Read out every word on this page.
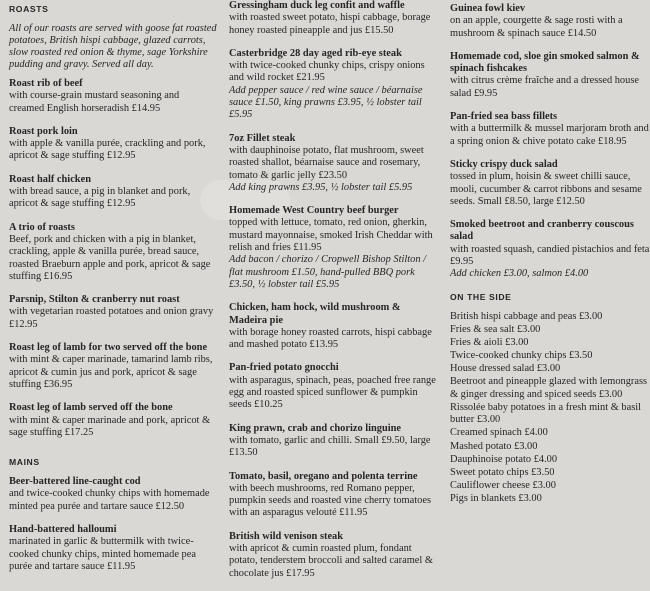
ROASTS
All of our roasts are served with goose fat roasted potatoes, British hispi cabbage, glazed carrots, slow roasted red onion & thyme, sage Yorkshire pudding and gravy. Served all day.
Roast rib of beef
with course-grain mustard seasoning and creamed English horseradish £14.95
Roast pork loin
with apple & vanilla purée, crackling and pork, apricot & sage stuffing £12.95
Roast half chicken
with bread sauce, a pig in blanket and pork, apricot & sage stuffing £12.95
A trio of roasts
Beef, pork and chicken with a pig in blanket, crackling, apple & vanilla purée, bread sauce, roasted Braeburn apple and pork, apricot & sage stuffing £16.95
Parsnip, Stilton & cranberry nut roast
with vegetarian roasted potatoes and onion gravy £12.95
Roast leg of lamb for two served off the bone
with mint & caper marinade, tamarind lamb ribs, apricot & cumin jus and pork, apricot & sage stuffing £36.95
Roast leg of lamb served off the bone
with mint & caper marinade and pork, apricot & sage stuffing £17.25
MAINS
Beer-battered line-caught cod
and twice-cooked chunky chips with homemade minted pea purée and tartare sauce £12.50
Hand-battered halloumi
marinated in garlic & buttermilk with twice-cooked chunky chips, minted homemade pea purée and tartare sauce £11.95
Gressingham duck leg confit and waffle
with roasted sweet potato, hispi cabbage, borage honey roasted pineapple and jus £15.50
Casterbridge 28 day aged rib-eye steak
with twice-cooked chunky chips, crispy onions and wild rocket £21.95
Add pepper sauce / red wine sauce / béarnaise sauce £1.50, king prawns £3.95, ½ lobster tail £5.95
7oz Fillet steak
with dauphinoise potato, flat mushroom, sweet roasted shallot, béarnaise sauce and rosemary, tomato & garlic jelly £23.50
Add king prawns £3.95, ½ lobster tail £5.95
Homemade West Country beef burger
topped with lettuce, tomato, red onion, gherkin, mustard mayonnaise, smoked Irish Cheddar with relish and fries £11.95
Add bacon / chorizo / Cropwell Bishop Stilton / flat mushroom £1.50, hand-pulled BBQ pork £3.50, ½ lobster tail £5.95
Chicken, ham hock, wild mushroom & Madeira pie
with borage honey roasted carrots, hispi cabbage and mashed potato £13.95
Pan-fried potato gnocchi
with asparagus, spinach, peas, poached free range egg and roasted spiced sunflower & pumpkin seeds £10.25
King prawn, crab and chorizo linguine
with tomato, garlic and chilli. Small £9.50, large £13.50
Tomato, basil, oregano and polenta terrine
with beech mushrooms, red Romano pepper, pumpkin seeds and roasted vine cherry tomatoes with an asparagus velouté £11.95
British wild venison steak
with apricot & cumin roasted plum, fondant potato, tenderstem broccoli and salted caramel & chocolate jus £17.95
Guinea fowl kiev
on an apple, courgette & sage rosti with a mushroom & spinach sauce £14.50
Homemade cod, sloe gin smoked salmon & spinach fishcakes
with citrus crème fraîche and a dressed house salad £9.95
Pan-fried sea bass fillets
with a buttermilk & mussel marjoram broth and a spring onion & chive potato cake £18.95
Sticky crispy duck salad
tossed in plum, hoisin & sweet chilli sauce, mooli, cucumber & carrot ribbons and sesame seeds. Small £8.50, large £12.50
Smoked beetroot and cranberry couscous salad
with roasted squash, candied pistachios and feta £9.95
Add chicken £3.00, salmon £4.00
ON THE SIDE
British hispi cabbage and peas £3.00
Fries & sea salt £3.00
Fries & aioli £3.00
Twice-cooked chunky chips £3.50
House dressed salad £3.00
Beetroot and pineapple glazed with lemongrass & ginger dressing and spiced seeds £3.00
Rissolée baby potatoes in a fresh mint & basil butter £3.00
Creamed spinach £4.00
Mashed potato £3.00
Dauphinoise potato £4.00
Sweet potato chips £3.50
Cauliflower cheese £3.00
Pigs in blankets £3.00
